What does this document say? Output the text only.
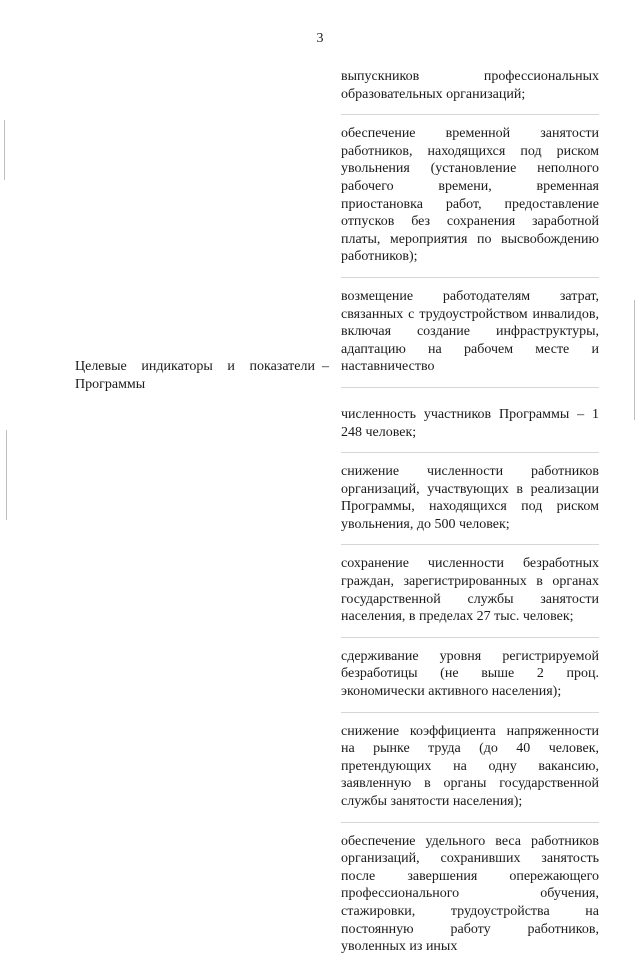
3

выпускников профессиональных образовательных организаций;

обеспечение временной занятости работников, находящихся под риском увольнения (установление неполного рабочего времени, временная приостановка работ, предоставление отпусков без сохранения заработной платы, мероприятия по высвобождению работников);

возмещение работодателям затрат, связанных с трудоустройством инвалидов, включая создание инфраструктуры, адаптацию на рабочем месте и наставничество

численность участников Программы – 1 248 человек;

снижение численности работников организаций, участвующих в реализации Программы, находящихся под риском увольнения, до 500 человек;

сохранение численности безработных граждан, зарегистрированных в органах государственной службы занятости населения, в пределах 27 тыс. человек;

сдерживание уровня регистрируемой безработицы (не выше 2 проц. экономически активного населения);

снижение коэффициента напряженности на рынке труда (до 40 человек, претендующих на одну вакансию, заявленную в органы государственной службы занятости населения);

обеспечение удельного веса работников организаций, сохранивших занятость после завершения опережающего профессионального обучения, стажировки, трудоустройства на постоянную работу работников, уволенных из иных

Целевые индикаторы и показатели Программы

–
